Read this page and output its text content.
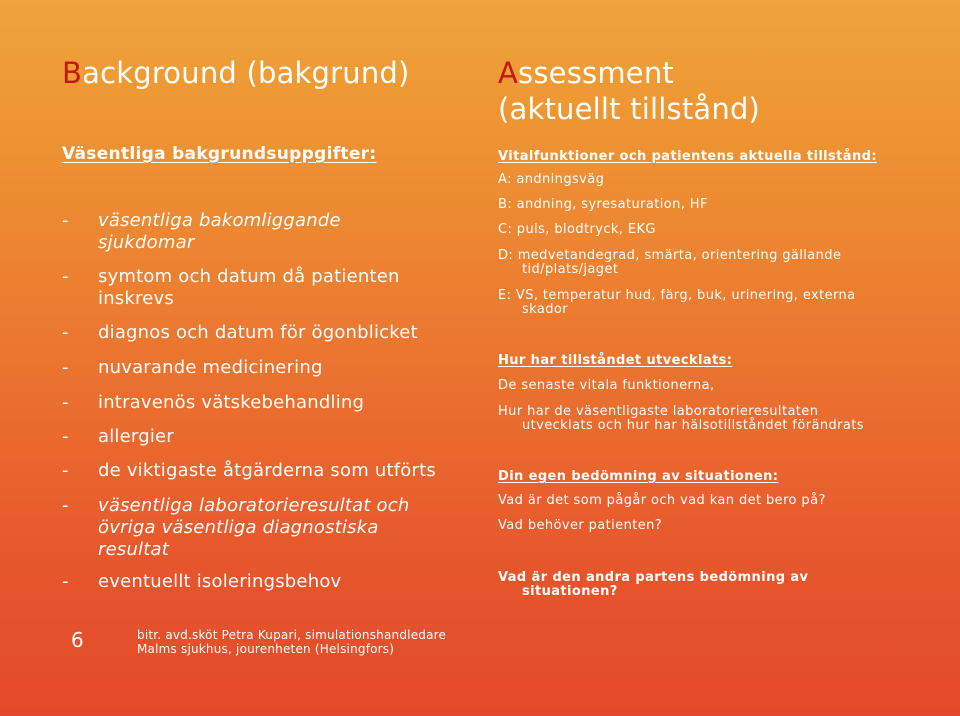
Background (bakgrund)
Väsentliga bakgrundsuppgifter:
- väsentliga bakomliggande sjukdomar
- symtom och datum då patienten inskrevs
- diagnos och datum för ögonblicket
- nuvarande medicinering
- intravenös vätskebehandling
- allergier
- de viktigaste åtgärderna som utförts
- väsentliga laboratorieresultat och övriga väsentliga diagnostiska resultat
- eventuellt isoleringsbehov
Assessment
(aktuellt tillstånd)
Vitalfunktioner och patientens aktuella tillstånd:
A: andningsväg
B: andning, syresaturation, HF
C: puls, blodtryck, EKG
D: medvetandegrad, smärta, orientering gällande
tid/plats/jaget
E: VS, temperatur hud, färg, buk, urinering, externa
skador
Hur har tillståndet utvecklats:
De senaste vitala funktionerna,
Hur har de väsentligaste laboratorieresultaten
utvecklats och hur har hälsotillståndet förändrats
Din egen bedömning av situationen:
Vad är det som pågår och vad kan det bero på?
Vad behöver patienten?
Vad är den andra partens bedömning av
situationen?
6	bitr. avd.sköt Petra Kupari, simulationshandledare
Malms sjukhus, jourenheten (Helsingfors)
